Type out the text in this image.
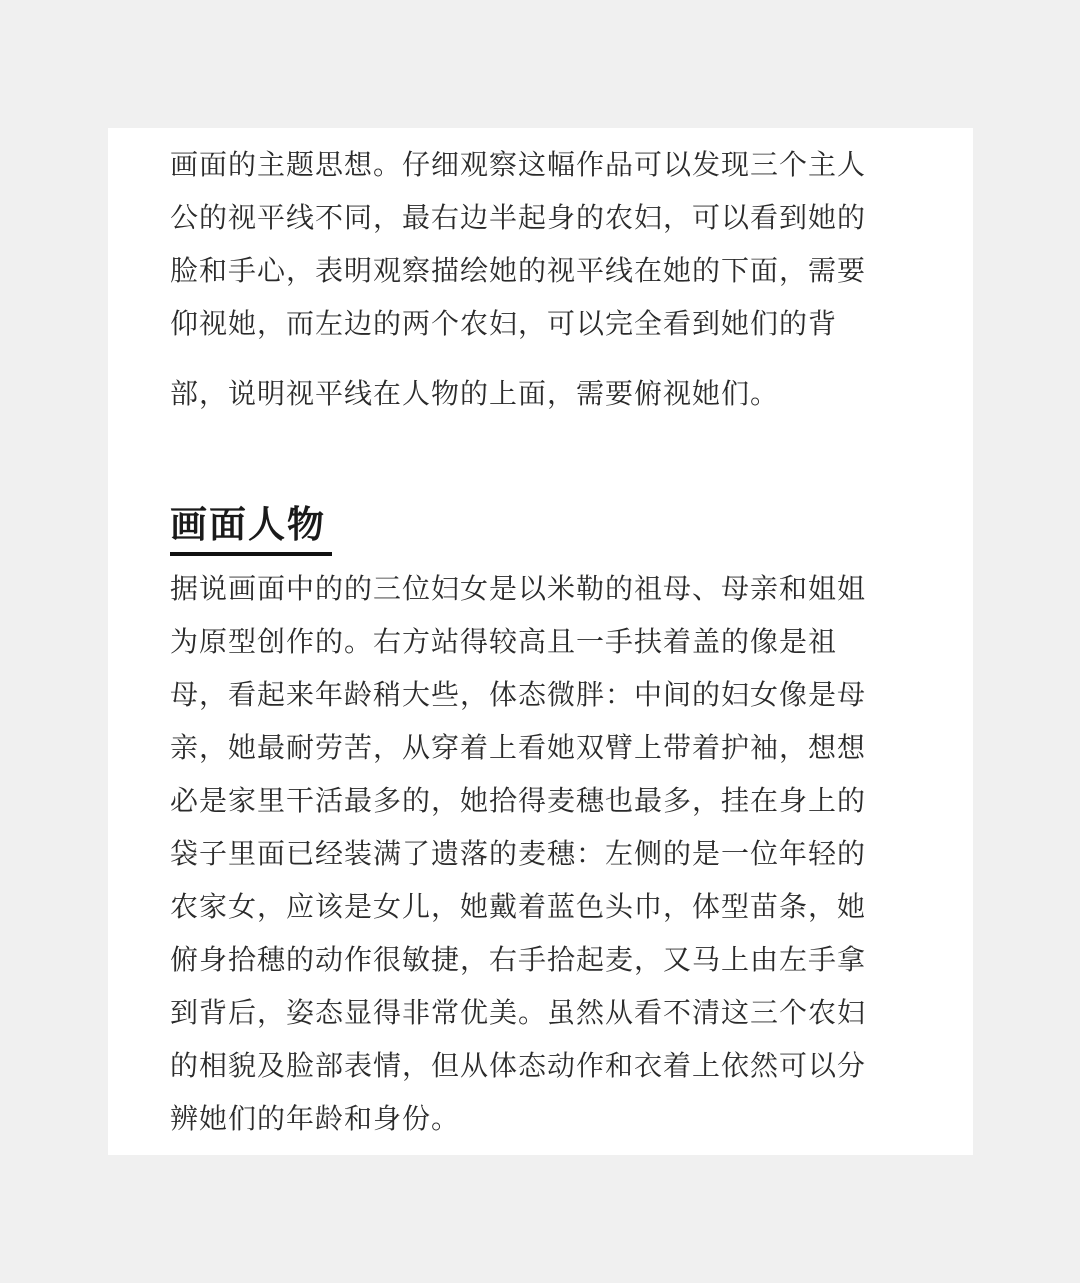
画面的主题思想。仔细观察这幅作品可以发现三个主人
公的视平线不同，最右边半起身的农妇，可以看到她的
脸和手心，表明观察描绘她的视平线在她的下面，需要
仰视她，而左边的两个农妇，可以完全看到她们的背
部，说明视平线在人物的上面，需要俯视她们。
画面人物
据说画面中的的三位妇女是以米勒的祖母、母亲和姐姐
为原型创作的。右方站得较高且一手扶着盖的像是祖
母，看起来年龄稍大些，体态微胖：中间的妇女像是母
亲，她最耐劳苦，从穿着上看她双臂上带着护袖，想想
必是家里干活最多的，她拾得麦穗也最多，挂在身上的
袋子里面已经装满了遗落的麦穗：左侧的是一位年轻的
农家女，应该是女儿，她戴着蓝色头巾，体型苗条，她
俯身拾穗的动作很敏捷，右手拾起麦，又马上由左手拿
到背后，姿态显得非常优美。虽然从看不清这三个农妇
的相貌及脸部表情，但从体态动作和衣着上依然可以分
辨她们的年龄和身份。
